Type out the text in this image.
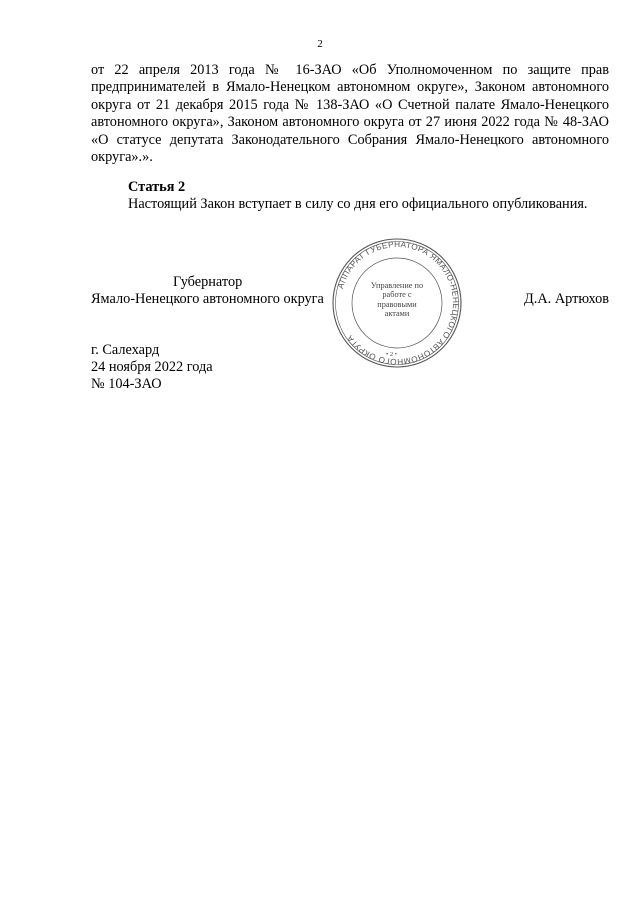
2
от 22 апреля 2013 года № 16-ЗАО «Об Уполномоченном по защите прав предпринимателей в Ямало-Ненецком автономном округе», Законом автономного округа от 21 декабря 2015 года № 138-ЗАО «О Счетной палате Ямало-Ненецкого автономного округа», Законом автономного округа от 27 июня 2022 года № 48-ЗАО «О статусе депутата Законодательного Собрания Ямало-Ненецкого автономного округа».».
Статья 2
Настоящий Закон вступает в силу со дня его официального опубликования.
АППАРАТ ГУБЕРНАТОРА ЯМАЛО-НЕНЕЦКОГО АВТОНОМНОГО ОКРУГА
Управление по работе с правовыми актами
• 2 •
Губернатор
Ямало-Ненецкого автономного округа	Д.А. Артюхов
г. Салехард
24 ноября 2022 года
№ 104-ЗАО
